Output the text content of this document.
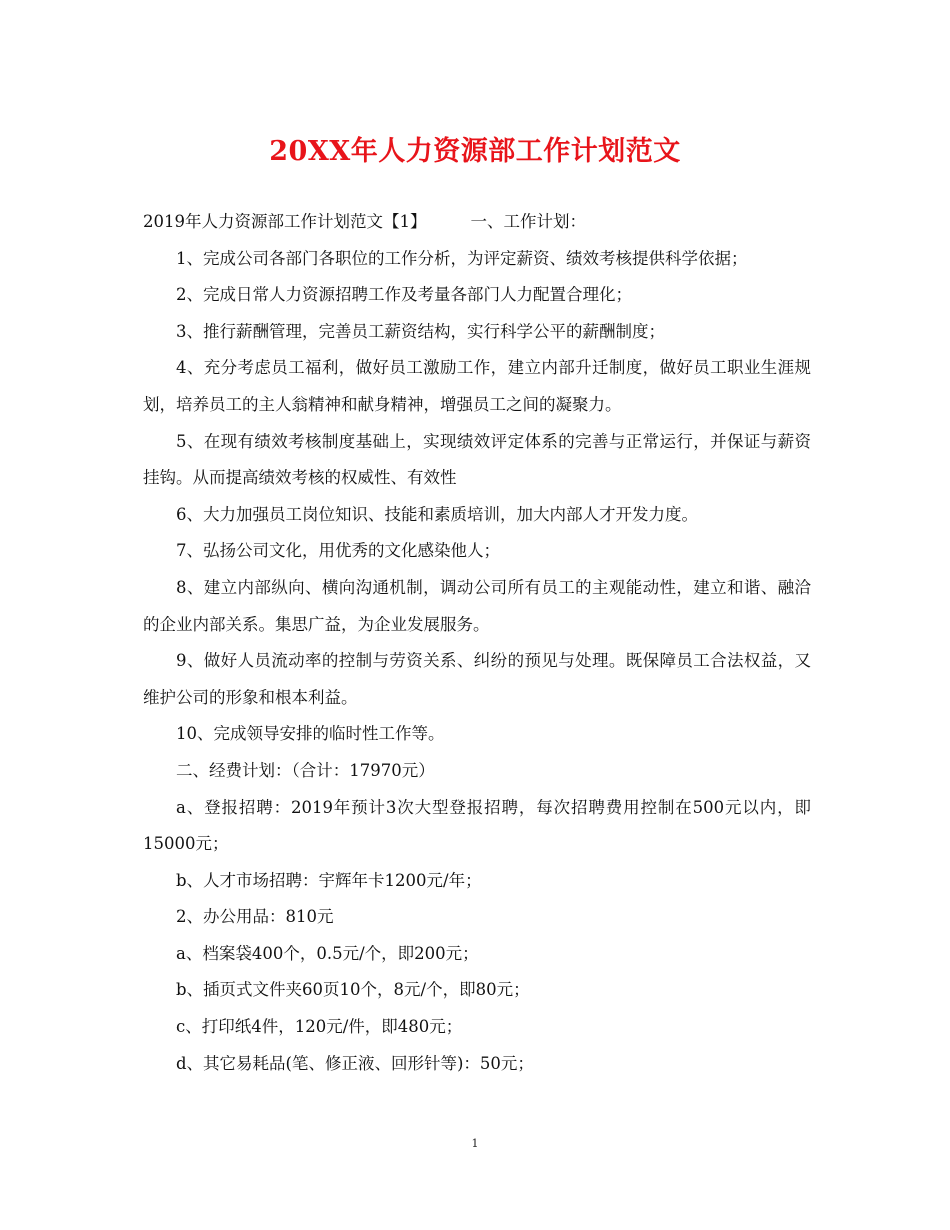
20XX年人力资源部工作计划范文

2019年人力资源部工作计划范文【1】	一、工作计划：

1、完成公司各部门各职位的工作分析，为评定薪资、绩效考核提供科学依据；

2、完成日常人力资源招聘工作及考量各部门人力配置合理化；

3、推行薪酬管理，完善员工薪资结构，实行科学公平的薪酬制度；

4、充分考虑员工福利，做好员工激励工作，建立内部升迁制度，做好员工职业生涯规划，培养员工的主人翁精神和献身精神，增强员工之间的凝聚力。

5、在现有绩效考核制度基础上，实现绩效评定体系的完善与正常运行，并保证与薪资挂钩。从而提高绩效考核的权威性、有效性

6、大力加强员工岗位知识、技能和素质培训，加大内部人才开发力度。

7、弘扬公司文化，用优秀的文化感染他人；

8、建立内部纵向、横向沟通机制，调动公司所有员工的主观能动性，建立和谐、融洽的企业内部关系。集思广益，为企业发展服务。

9、做好人员流动率的控制与劳资关系、纠纷的预见与处理。既保障员工合法权益，又维护公司的形象和根本利益。

10、完成领导安排的临时性工作等。

二、经费计划：（合计：17970元）

a、登报招聘：2019年预计3次大型登报招聘，每次招聘费用控制在500元以内，即15000元；

b、人才市场招聘：宇辉年卡1200元/年；

2、办公用品：810元

a、档案袋400个，0.5元/个，即200元；

b、插页式文件夹60页10个，8元/个，即80元；

c、打印纸4件，120元/件，即480元；

d、其它易耗品(笔、修正液、回形针等)：50元；

1
